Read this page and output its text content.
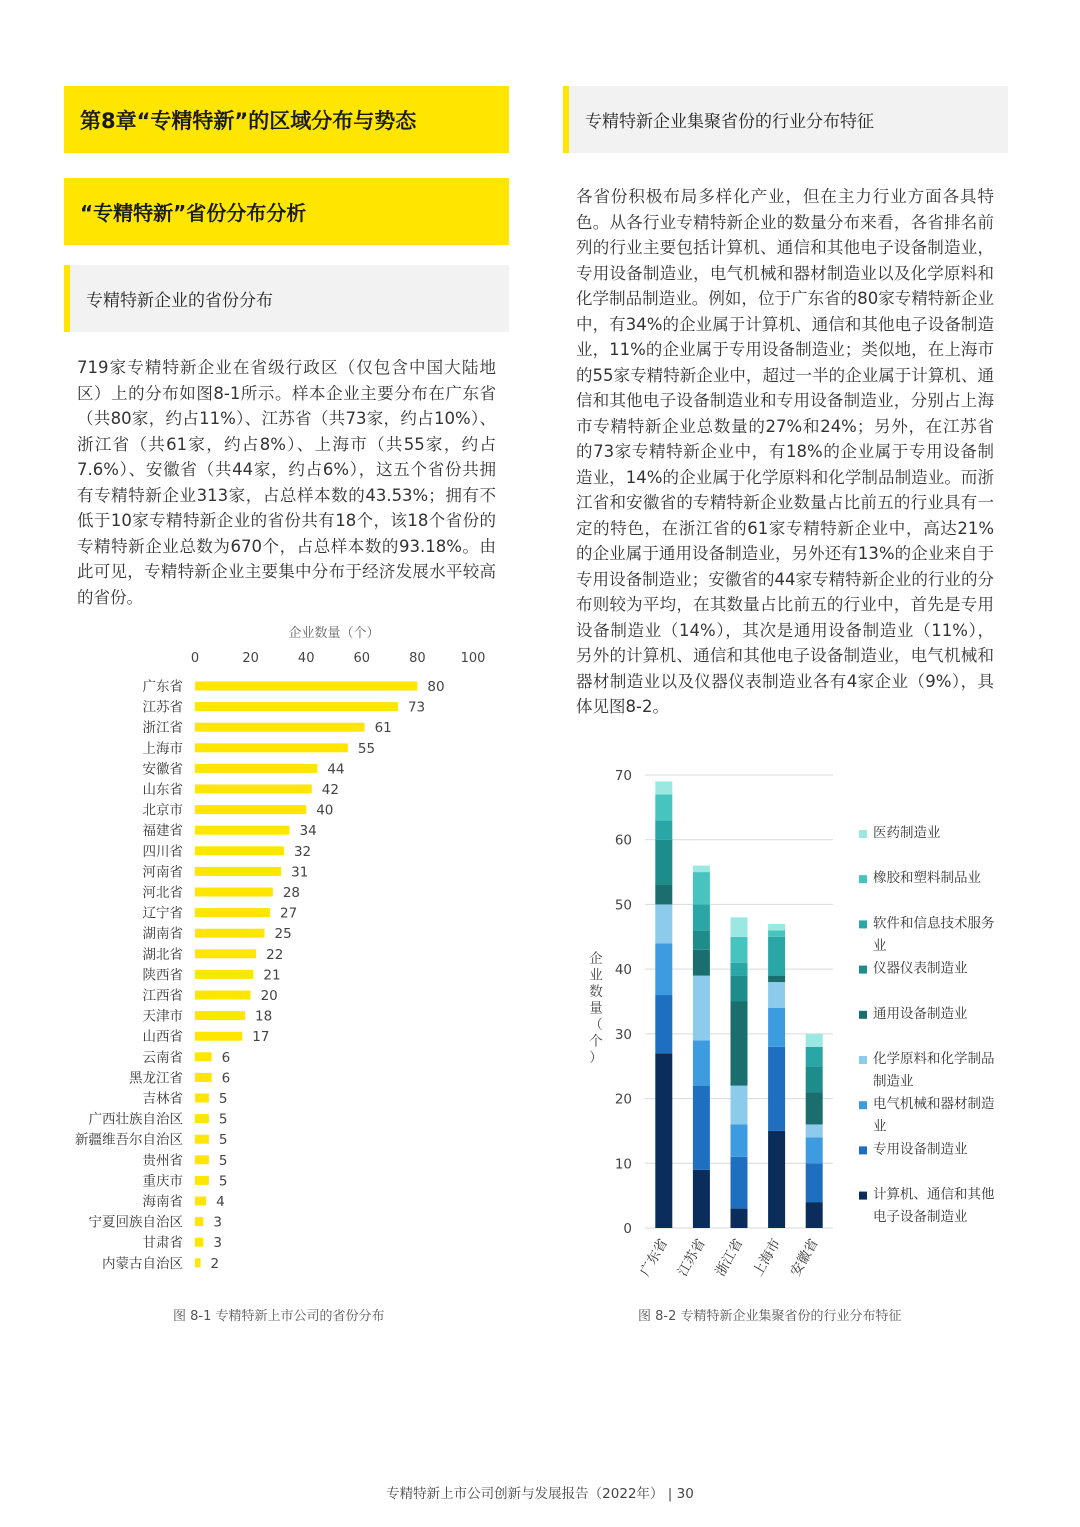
第8章“专精特新”的区域分布与势态
“专精特新”省份分布分析
专精特新企业的省份分布

719家专精特新企业在省级行政区（仅包含中国大陆地区）上的分布如图8-1所示。样本企业主要分布在广东省（共80家，约占11%）、江苏省（共73家，约占10%）、浙江省（共61家，约占8%）、上海市（共55家，约占7.6%）、安徽省（共44家，约占6%），这五个省份共拥有专精特新企业313家，占总样本数的43.53%；拥有不低于10家专精特新企业的省份共有18个，该18个省份的专精特新企业总数为670个，占总样本数的93.18%。由此可见，专精特新企业主要集中分布于经济发展水平较高的省份。

专精特新企业集聚省份的行业分布特征

各省份积极布局多样化产业，但在主力行业方面各具特色。从各行业专精特新企业的数量分布来看，各省排名前列的行业主要包括计算机、通信和其他电子设备制造业，专用设备制造业，电气机械和器材制造业以及化学原料和化学制品制造业。例如，位于广东省的80家专精特新企业中，有34%的企业属于计算机、通信和其他电子设备制造业，11%的企业属于专用设备制造业；类似地，在上海市的55家专精特新企业中，超过一半的企业属于计算机、通信和其他电子设备制造业和专用设备制造业，分别占上海市专精特新企业总数量的27%和24%；另外，在江苏省的73家专精特新企业中，有18%的企业属于专用设备制造业，14%的企业属于化学原料和化学制品制造业。而浙江省和安徽省的专精特新企业数量占比前五的行业具有一定的特色，在浙江省的61家专精特新企业中，高达21%的企业属于通用设备制造业，另外还有13%的企业来自于专用设备制造业；安徽省的44家专精特新企业的行业的分布则较为平均，在其数量占比前五的行业中，首先是专用设备制造业（14%），其次是通用设备制造业（11%），另外的计算机、通信和其他电子设备制造业，电气机械和器材制造业以及仪器仪表制造业各有4家企业（9%），具体见图8-2。

企业数量（个）
0	20	40	60	80	100
广东省	80
江苏省	73
浙江省	61
上海市	55
安徽省	44
山东省	42
北京市	40
福建省	34
四川省	32
河南省	31
河北省	28
辽宁省	27
湖南省	25
湖北省	22
陕西省	21
江西省	20
天津市	18
山西省	17
云南省	6
黑龙江省	6
吉林省	5
广西壮族自治区	5
新疆维吾尔自治区	5
贵州省	5
重庆市	5
海南省 4
宁夏回族自治区 3
甘肃省 3
内蒙古自治区 2
图 8-1 专精特新上市公司的省份分布
0
10
20
30
40
50
60
70
企业数量（个）
广东省 江苏省 浙江省 上海市 安徽省
医药制造业
橡胶和塑料制品业
软件和信息技术服务业
仪器仪表制造业
通用设备制造业
化学原料和化学制品制造业
电气机械和器材制造业
专用设备制造业
计算机、通信和其他电子设备制造业
图 8-2 专精特新企业集聚省份的行业分布特征
专精特新上市公司创新与发展报告（2022年） | 30
